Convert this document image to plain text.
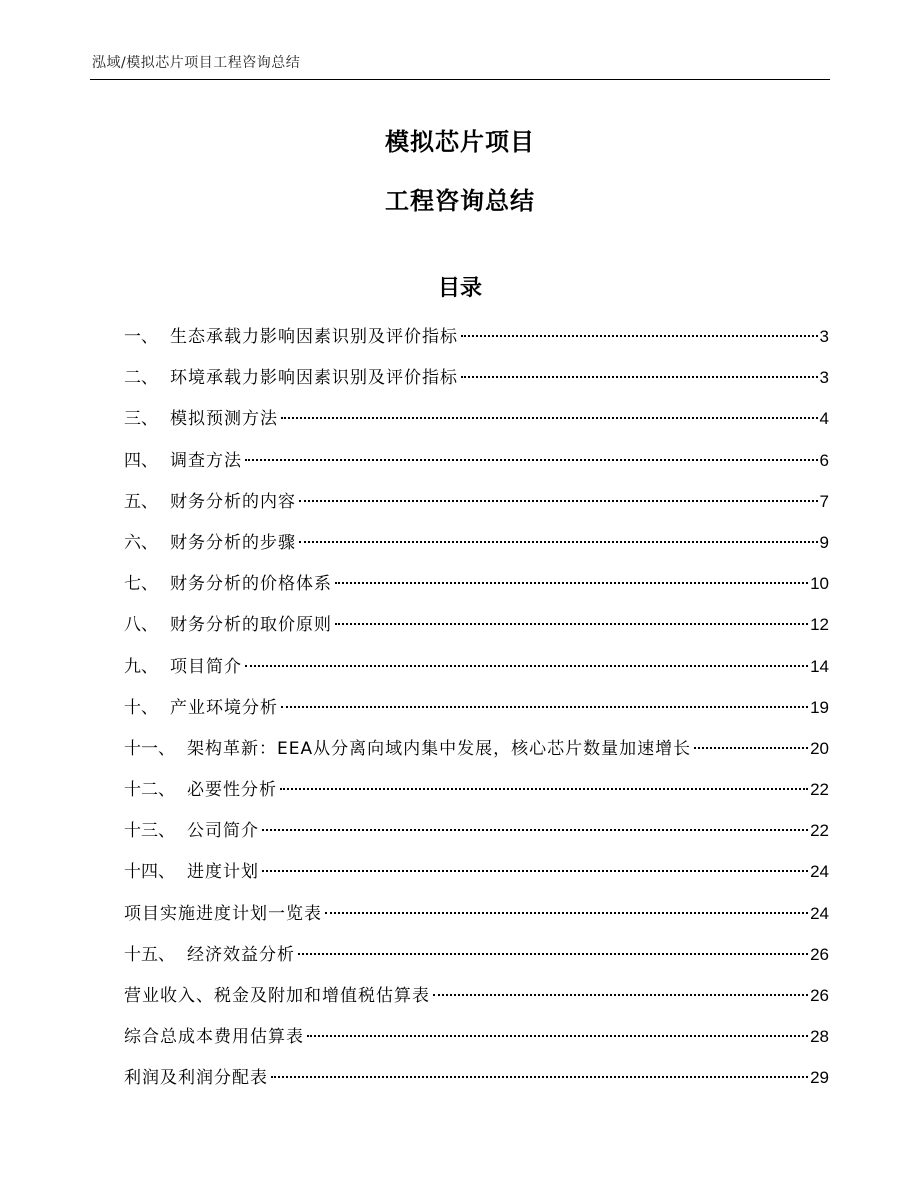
泓域/模拟芯片项目工程咨询总结
模拟芯片项目
工程咨询总结
目录
一、 生态承载力影响因素识别及评价指标	3
二、 环境承载力影响因素识别及评价指标	3
三、 模拟预测方法	4
四、 调查方法	6
五、 财务分析的内容	7
六、 财务分析的步骤	9
七、 财务分析的价格体系	10
八、 财务分析的取价原则	12
九、 项目简介	14
十、 产业环境分析	19
十一、 架构革新：EEA从分离向域内集中发展，核心芯片数量加速增长	20
十二、 必要性分析	22
十三、 公司简介	22
十四、 进度计划	24
项目实施进度计划一览表	24
十五、 经济效益分析	26
营业收入、税金及附加和增值税估算表	26
综合总成本费用估算表	28
利润及利润分配表	29
